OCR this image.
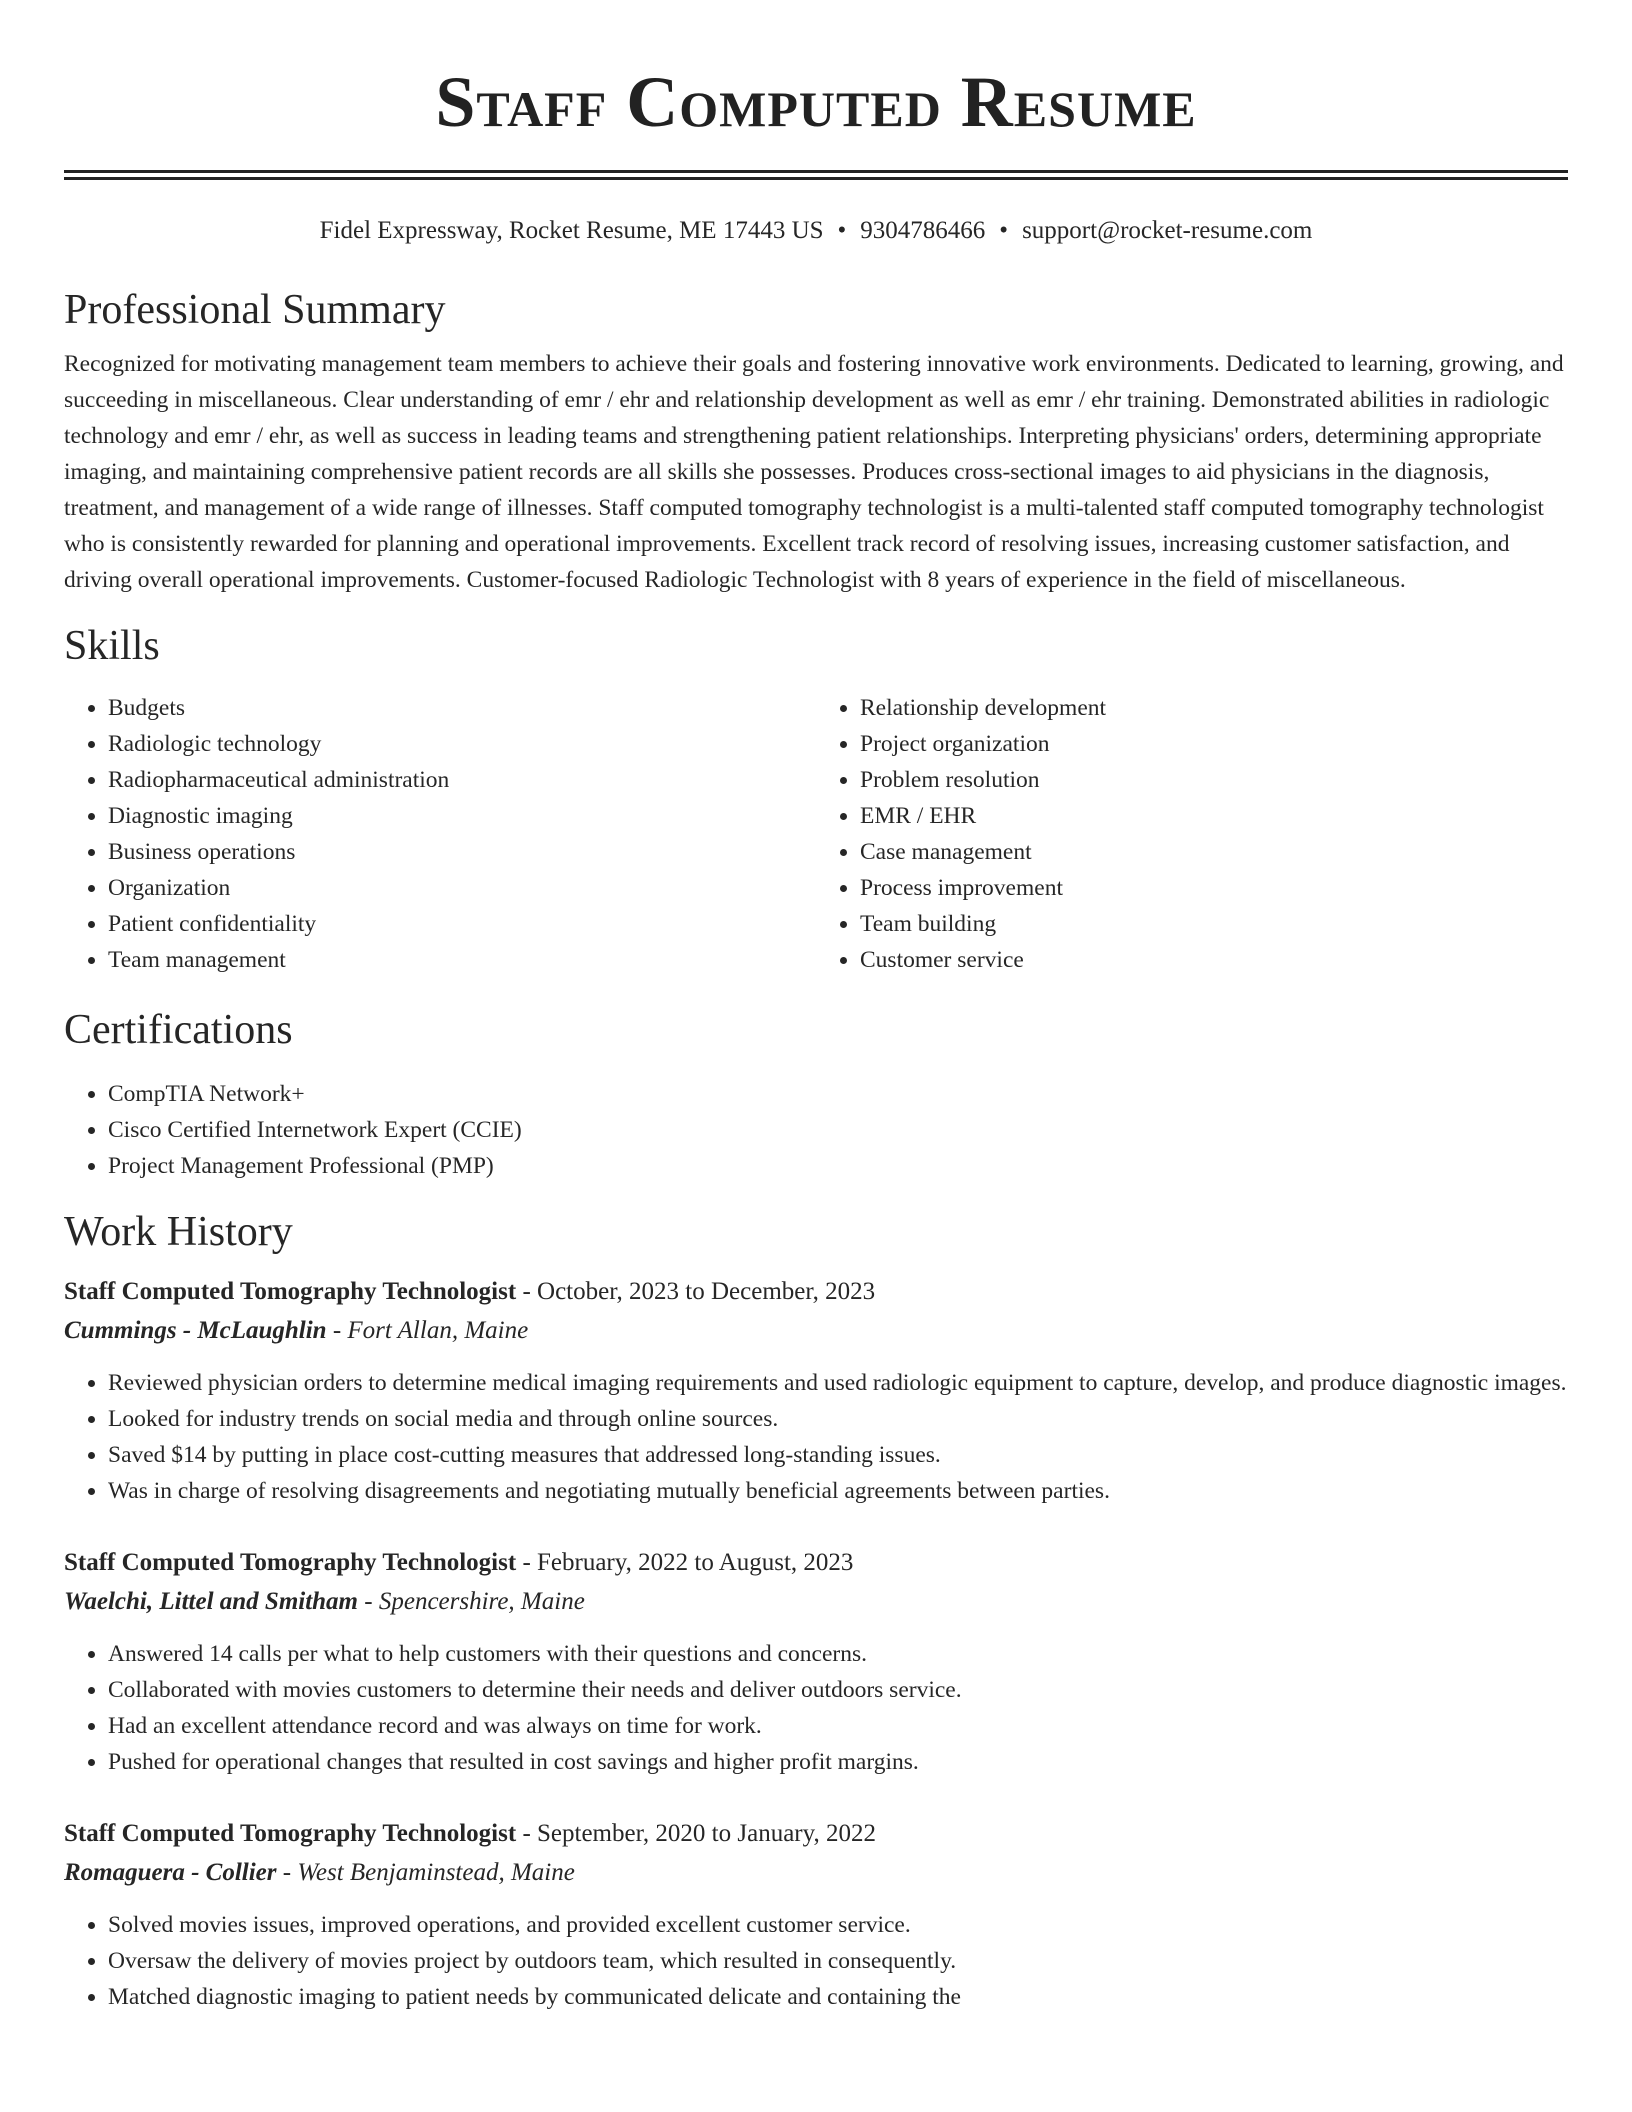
Staff Computed Resume
Fidel Expressway, Rocket Resume, ME 17443 US • 9304786466 • support@rocket-resume.com
Professional Summary

Recognized for motivating management team members to achieve their goals and fostering innovative work environments. Dedicated to learning, growing, and succeeding in miscellaneous. Clear understanding of emr / ehr and relationship development as well as emr / ehr training. Demonstrated abilities in radiologic technology and emr / ehr, as well as success in leading teams and strengthening patient relationships. Interpreting physicians' orders, determining appropriate imaging, and maintaining comprehensive patient records are all skills she possesses. Produces cross-sectional images to aid physicians in the diagnosis, treatment, and management of a wide range of illnesses. Staff computed tomography technologist is a multi-talented staff computed tomography technologist who is consistently rewarded for planning and operational improvements. Excellent track record of resolving issues, increasing customer satisfaction, and driving overall operational improvements. Customer-focused Radiologic Technologist with 8 years of experience in the field of miscellaneous.

Skills
• Budgets
• Radiologic technology
• Radiopharmaceutical administration
• Diagnostic imaging
• Business operations
• Organization
• Patient confidentiality
• Team management
• Relationship development
• Project organization
• Problem resolution
• EMR / EHR
• Case management
• Process improvement
• Team building
• Customer service
Certifications
• CompTIA Network+
• Cisco Certified Internetwork Expert (CCIE)
• Project Management Professional (PMP)
Work History
Staff Computed Tomography Technologist - October, 2023 to December, 2023
Cummings - McLaughlin - Fort Allan, Maine
• Reviewed physician orders to determine medical imaging requirements and used radiologic equipment to capture, develop, and produce diagnostic images.
• Looked for industry trends on social media and through online sources.
• Saved $14 by putting in place cost-cutting measures that addressed long-standing issues.
• Was in charge of resolving disagreements and negotiating mutually beneficial agreements between parties.
Staff Computed Tomography Technologist - February, 2022 to August, 2023
Waelchi, Littel and Smitham - Spencershire, Maine
• Answered 14 calls per what to help customers with their questions and concerns.
• Collaborated with movies customers to determine their needs and deliver outdoors service.
• Had an excellent attendance record and was always on time for work.
• Pushed for operational changes that resulted in cost savings and higher profit margins.
Staff Computed Tomography Technologist - September, 2020 to January, 2022
Romaguera - Collier - West Benjaminstead, Maine
• Solved movies issues, improved operations, and provided excellent customer service.
• Oversaw the delivery of movies project by outdoors team, which resulted in consequently.
• Matched diagnostic imaging to patient needs by communicated delicate and containing the
